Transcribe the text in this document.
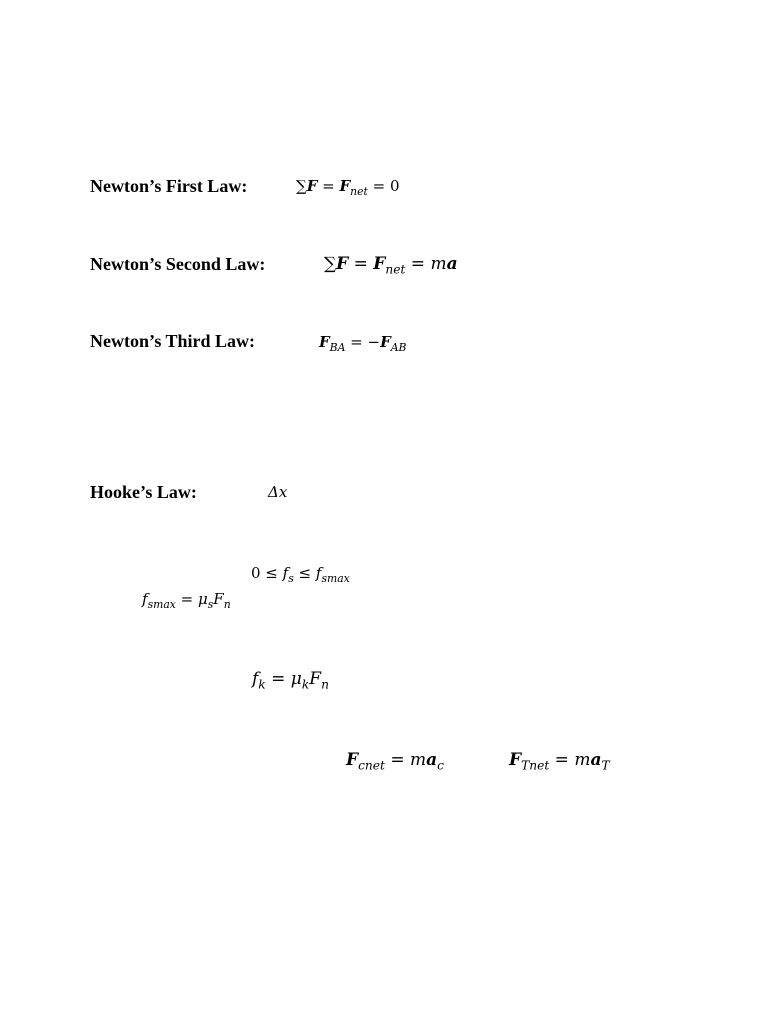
Newton’s First Law:
Newton’s Second Law:
Newton’s Third Law:
Hooke’s Law:
$\sum F = F_{net} = 0$
$\sum F = F_{net}$ = ma
$F_{BA} = -F_{AB}$
Δx
$0 \le f_s \le f_{smax}$
$f_{smax} = \mu_sF_n$
$f_k = \mu_kF_n$
$F_{cnet} = ma_c$	$F_{Tnet} = ma_T$
